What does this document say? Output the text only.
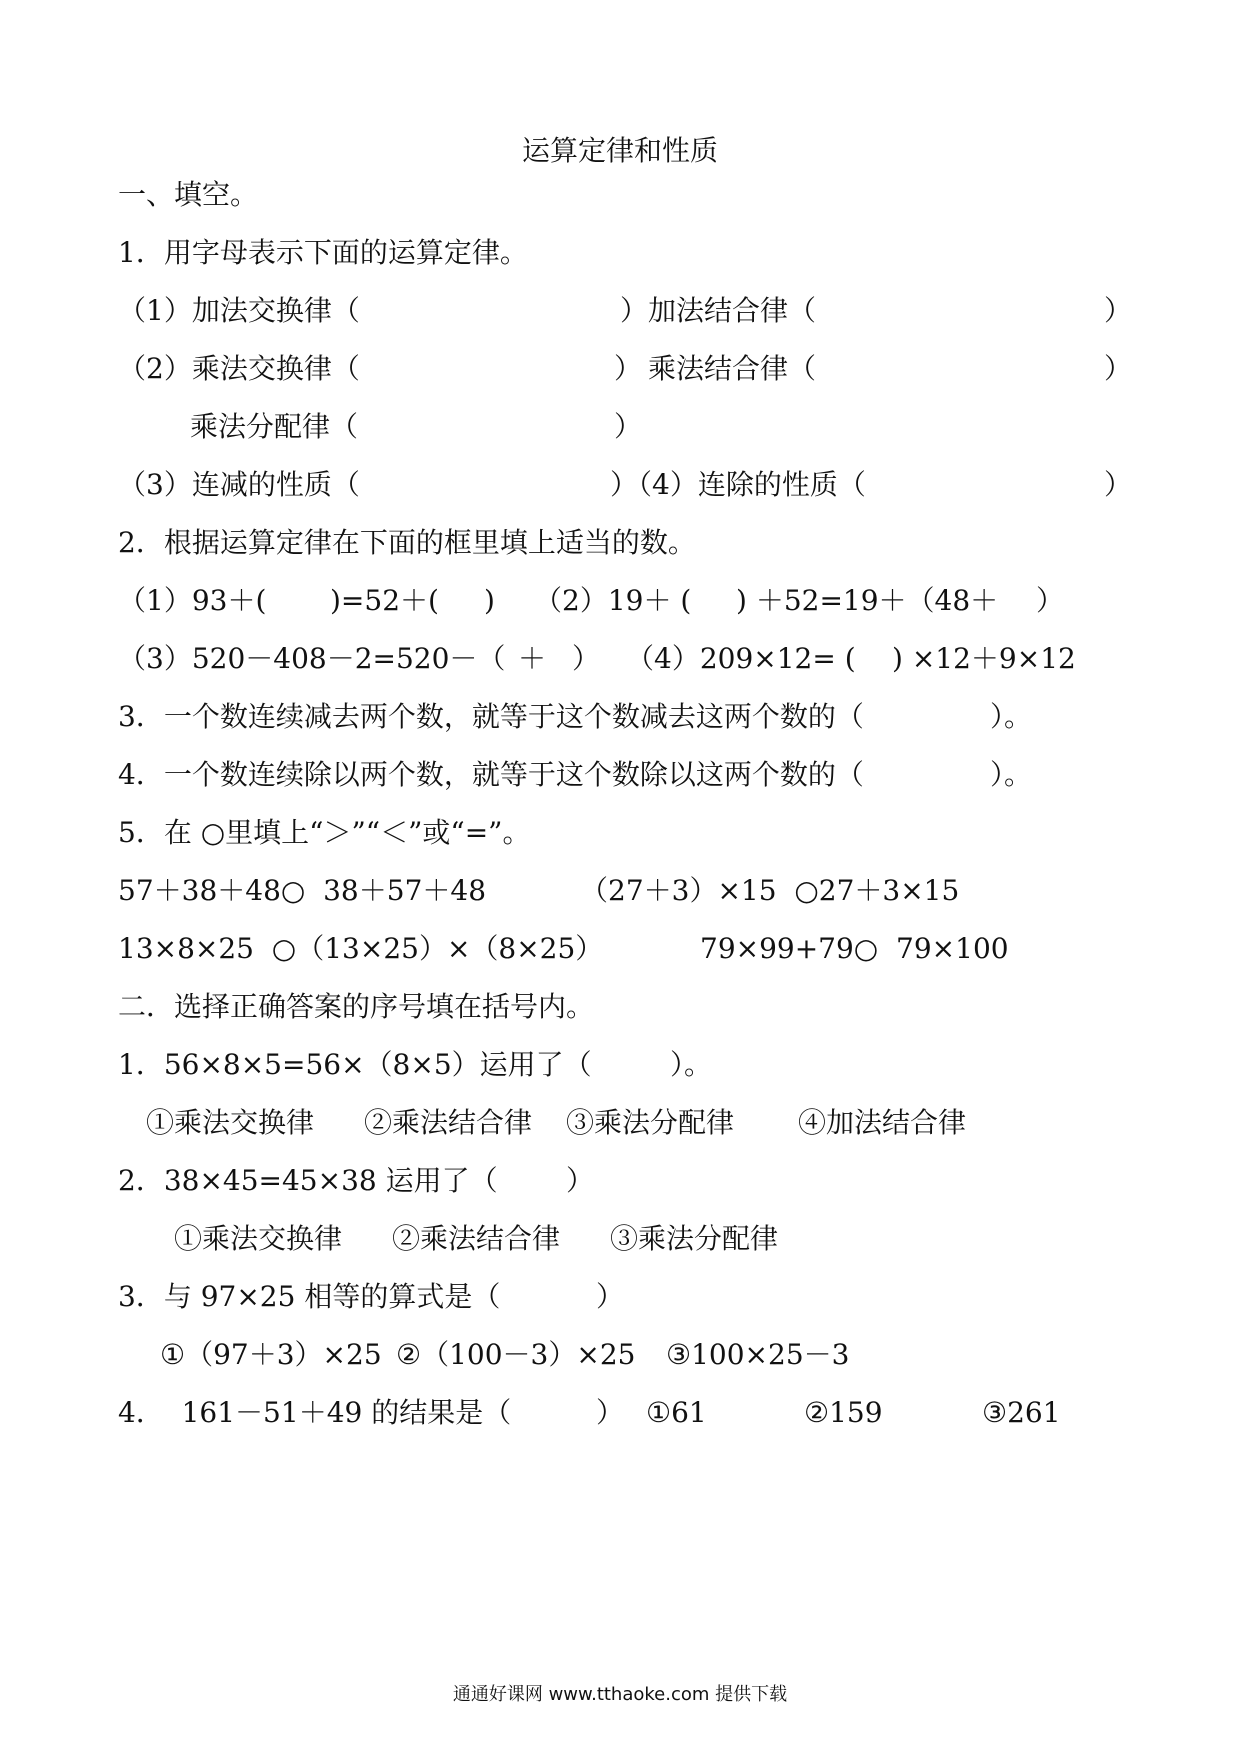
运算定律和性质
一、填空。
1．用字母表示下面的运算定律。
（1）加法交换律（	）加法结合律（	）
（2）乘法交换律（	） 乘法结合律（	）
乘法分配律（	）
（3）连减的性质（	）（4）连除的性质（	）
2．根据运算定律在下面的框里填上适当的数。
（1）93＋( )=52＋( ) （2）19＋ ( ) ＋52=19＋（48＋ ）
（3）520－408－2=520－（ ＋ ） （4）209×12= ( ) ×12＋9×12
3．一个数连续减去两个数，就等于这个数减去这两个数的（	）。
4．一个数连续除以两个数，就等于这个数除以这两个数的（	）。
5．在 ○里填上“＞”“＜”或“=”。
57＋38＋48○  38＋57＋48	（27＋3）×15  ○27＋3×15
13×8×25  ○（13×25）×（8×25）	79×99+79○  79×100
二．选择正确答案的序号填在括号内。
1．56×8×5=56×（8×5）运用了（	）。
①乘法交换律 ②乘法结合律 ③乘法分配律 ④加法结合律
2．38×45=45×38 运用了（ ）
①乘法交换律 ②乘法结合律 ③乘法分配律
3．与 97×25 相等的算式是（	）
①（97＋3）×25 ②（100－3）×25 ③100×25－3
4．  161－51＋49 的结果是（	） ①61	②159	③261
通通好课网 www.tthaoke.com 提供下载
